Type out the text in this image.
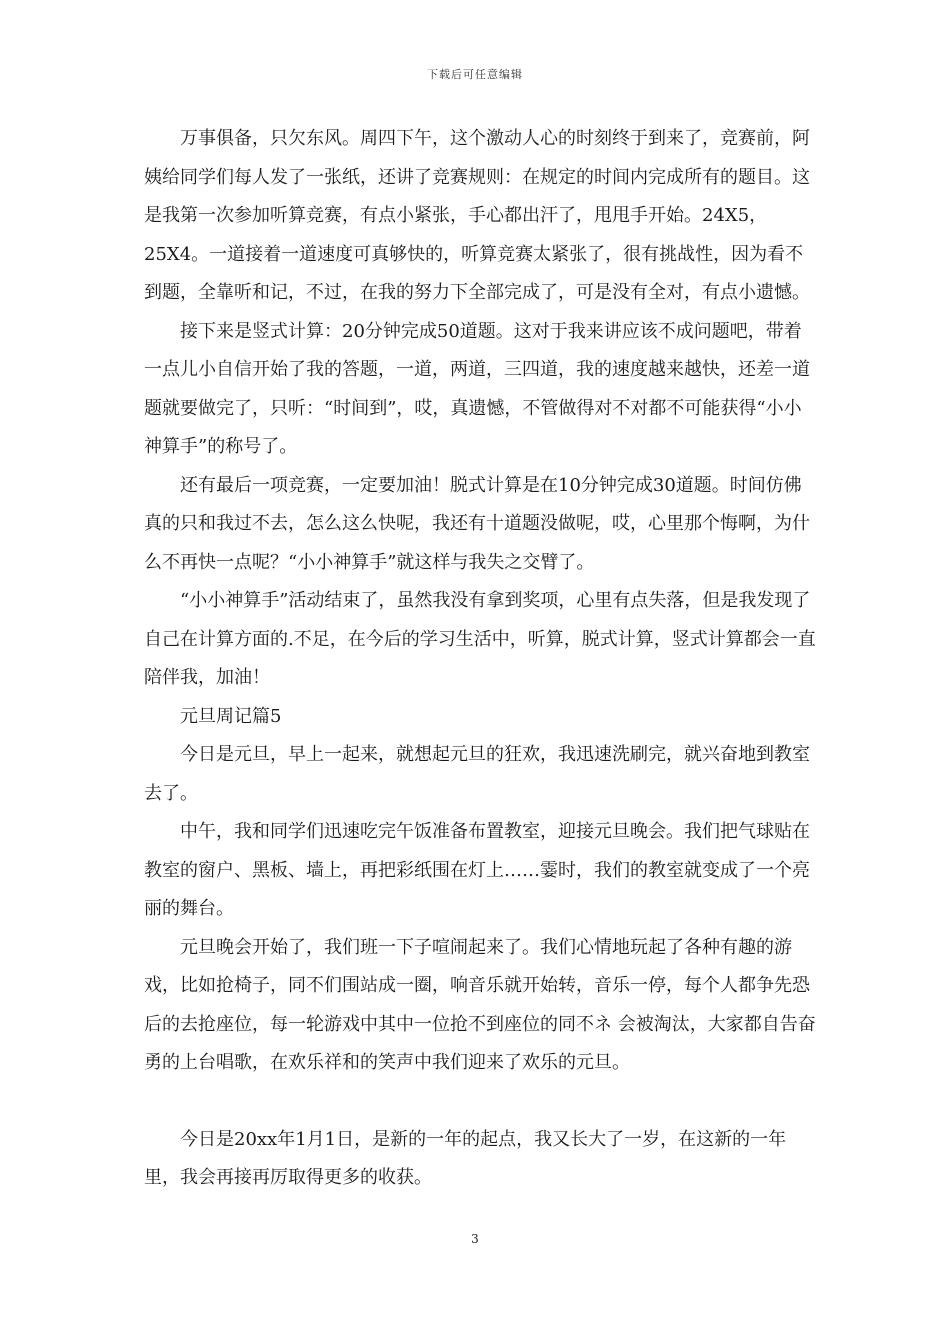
下载后可任意编辑

万事俱备，只欠东风。周四下午，这个激动人心的时刻终于到来了，竞赛前，阿姨给同学们每人发了一张纸，还讲了竞赛规则：在规定的时间内完成所有的题目。这是我第一次参加听算竞赛，有点小紧张，手心都出汗了，甩甩手开始。24X5，25X4。一道接着一道速度可真够快的，听算竞赛太紧张了，很有挑战性，因为看不到题，全靠听和记，不过，在我的努力下全部完成了，可是没有全对，有点小遗憾。

接下来是竖式计算：20分钟完成50道题。这对于我来讲应该不成问题吧，带着一点儿小自信开始了我的答题，一道，两道，三四道，我的速度越来越快，还差一道题就要做完了，只听：“时间到”，哎，真遗憾，不管做得对不对都不可能获得“小小神算手”的称号了。

还有最后一项竞赛，一定要加油！脱式计算是在10分钟完成30道题。时间仿佛真的只和我过不去，怎么这么快呢，我还有十道题没做呢，哎，心里那个悔啊，为什么不再快一点呢？“小小神算手”就这样与我失之交臂了。

“小小神算手”活动结束了，虽然我没有拿到奖项，心里有点失落，但是我发现了自己在计算方面的.不足，在今后的学习生活中，听算，脱式计算，竖式计算都会一直陪伴我，加油！

元旦周记篇5

今日是元旦，早上一起来，就想起元旦的狂欢，我迅速洗刷完，就兴奋地到教室去了。

中午，我和同学们迅速吃完午饭准备布置教室，迎接元旦晚会。我们把气球贴在教室的窗户、黑板、墙上，再把彩纸围在灯上……霎时，我们的教室就变成了一个亮丽的舞台。

元旦晚会开始了，我们班一下子喧闹起来了。我们心情地玩起了各种有趣的游戏，比如抢椅子，同不们围站成一圈，响音乐就开始转，音乐一停，每个人都争先恐后的去抢座位，每一轮游戏中其中一位抢不到座位的同不ネ 会被淘汰，大家都自告奋勇的上台唱歌，在欢乐祥和的笑声中我们迎来了欢乐的元旦。

今日是20xx年1月1日，是新的一年的起点，我又长大了一岁，在这新的一年里，我会再接再厉取得更多的收获。

3
